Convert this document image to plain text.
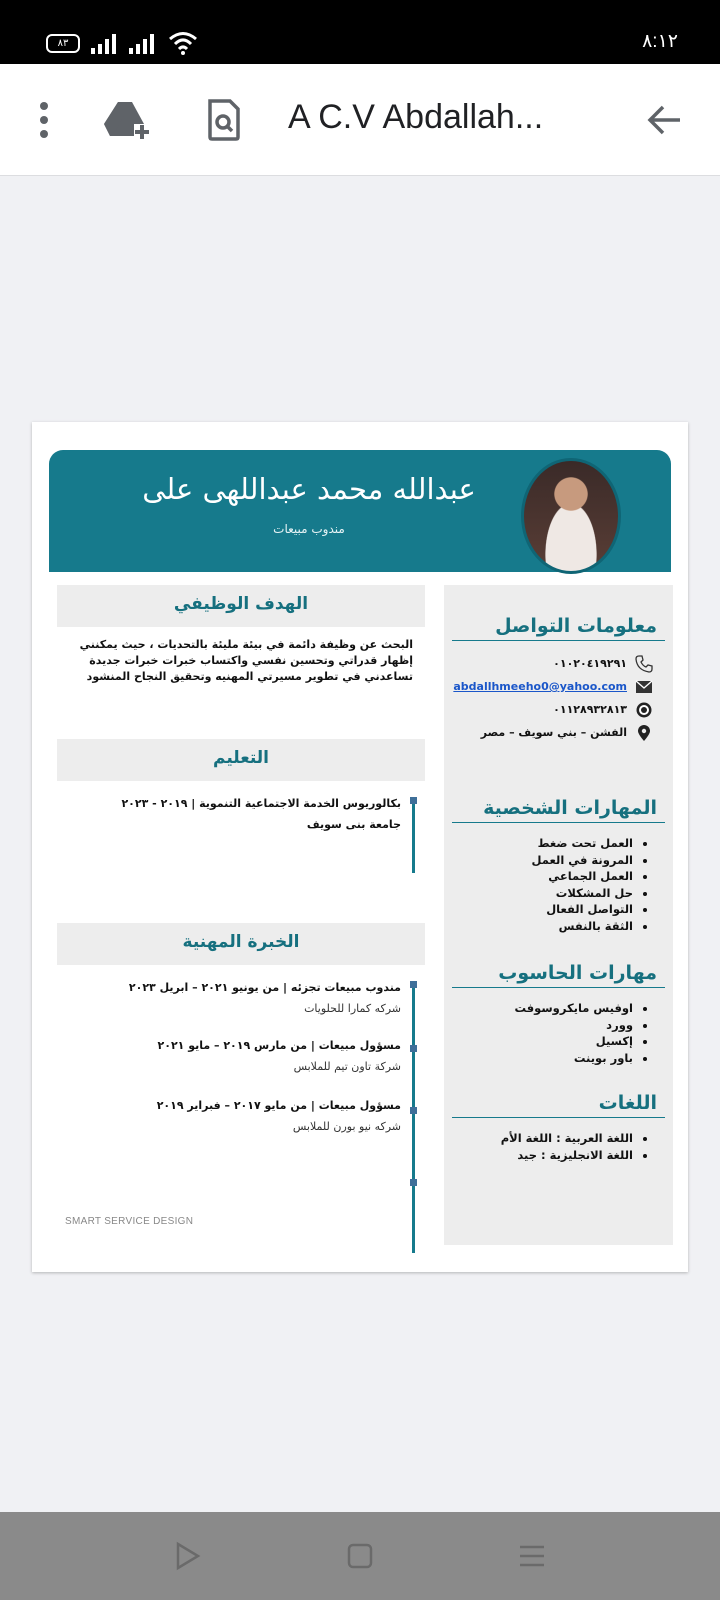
٨٣	٨:١٢
A C.V Abdallah...
عبدالله محمد عبداللهى على
مندوب مبيعات
معلومات التواصل
٠١٠٢٠٤١٩٢٩١
abdallhmeeho0@yahoo.com
٠١١٢٨٩٣٢٨١٣
الفشن – بني سويف – مصر
المهارات الشخصية
• العمل تحت ضغط
• المرونة في العمل
• العمل الجماعي
• حل المشكلات
• التواصل الفعال
• الثقة بالنفس
مهارات الحاسوب
• اوفيس مايكروسوفت
• وورد
• إكسيل
• باور بوينت
اللغات
• اللغة العربية : اللغة الأم
• اللغة الانجليزية : جيد
الهدف الوظيفي
البحث عن وظيفة دائمة في بيئة مليئة بالتحديات ، حيث يمكنني إظهار قدراتي وتحسين نفسي واكتساب خبرات خبرات جديدة تساعدني في تطوير مسيرتي المهنيه وتحقيق النجاح المنشود
التعليم
بكالوريوس الخدمة الاجتماعية التنموية | ٢٠١٩ - ٢٠٢٣
جامعة بنى سويف
الخبرة المهنية
مندوب مبيعات تجزئه | من يونيو ٢٠٢١ – ابريل ٢٠٢٣
شركه كمارا للحلويات
مسؤول مبيعات | من مارس ٢٠١٩ – مايو ٢٠٢١
شركة تاون تيم للملابس
مسؤول مبيعات | من مايو ٢٠١٧ – فبراير ٢٠١٩
شركه نيو بورن للملابس
SMART SERVICE DESIGN
